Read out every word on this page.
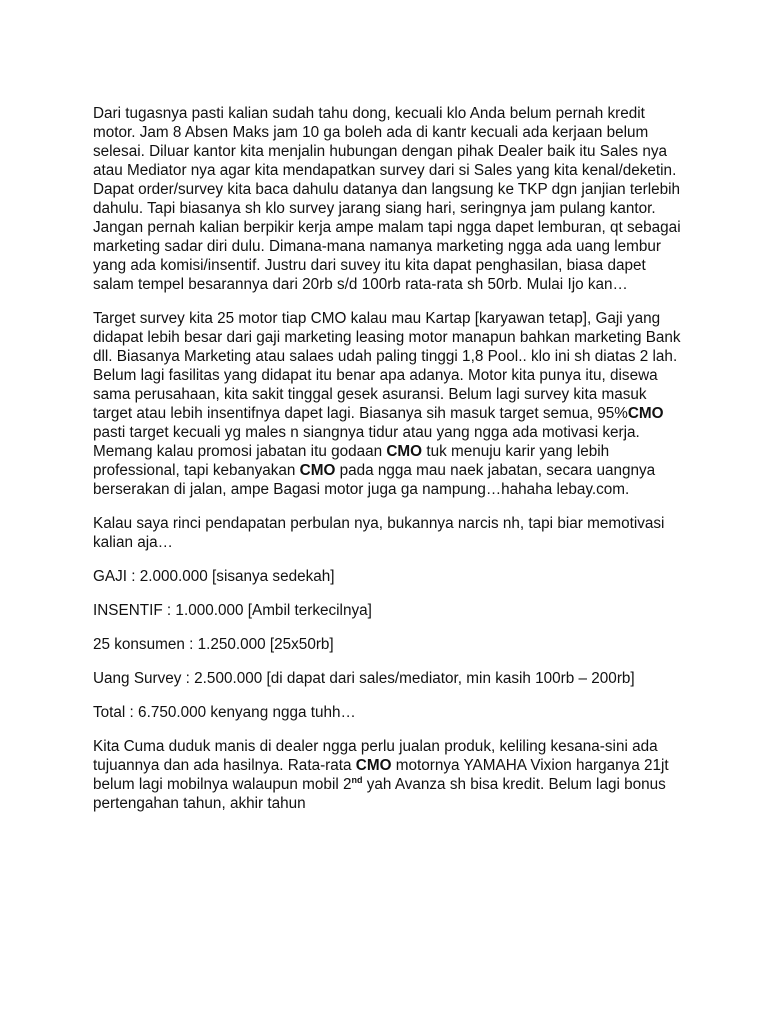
Dari tugasnya pasti kalian sudah tahu dong, kecuali klo Anda belum pernah kredit motor. Jam 8 Absen Maks jam 10 ga boleh ada di kantr kecuali ada kerjaan belum selesai. Diluar kantor kita menjalin hubungan dengan pihak Dealer baik itu Sales nya atau Mediator nya agar kita mendapatkan survey dari si Sales yang kita kenal/deketin. Dapat order/survey kita baca dahulu datanya dan langsung ke TKP dgn janjian terlebih dahulu. Tapi biasanya sh klo survey jarang siang hari, seringnya jam pulang kantor. Jangan pernah kalian berpikir kerja ampe malam tapi ngga dapet lemburan, qt sebagai marketing sadar diri dulu. Dimana-mana namanya marketing ngga ada uang lembur yang ada komisi/insentif. Justru dari suvey itu kita dapat penghasilan, biasa dapet salam tempel besarannya dari 20rb s/d 100rb rata-rata sh 50rb. Mulai Ijo kan…

Target survey kita 25 motor tiap CMO kalau mau Kartap [karyawan tetap], Gaji yang didapat lebih besar dari gaji marketing leasing motor manapun bahkan marketing Bank dll. Biasanya Marketing atau salaes udah paling tinggi 1,8 Pool.. klo ini sh diatas 2 lah. Belum lagi fasilitas yang didapat itu benar apa adanya. Motor kita punya itu, disewa sama perusahaan, kita sakit tinggal gesek asuransi. Belum lagi survey kita masuk target atau lebih insentifnya dapet lagi. Biasanya sih masuk target semua, 95%CMO pasti target kecuali yg males n siangnya tidur atau yang ngga ada motivasi kerja. Memang kalau promosi jabatan itu godaan CMO tuk menuju karir yang lebih professional, tapi kebanyakan CMO pada ngga mau naek jabatan, secara uangnya berserakan di jalan, ampe Bagasi motor juga ga nampung…hahaha lebay.com.

Kalau saya rinci pendapatan perbulan nya, bukannya narcis nh, tapi biar memotivasi kalian aja…

GAJI : 2.000.000 [sisanya sedekah]

INSENTIF : 1.000.000 [Ambil terkecilnya]

25 konsumen : 1.250.000 [25x50rb]

Uang Survey : 2.500.000 [di dapat dari sales/mediator, min kasih 100rb – 200rb]

Total : 6.750.000 kenyang ngga tuhh…

Kita Cuma duduk manis di dealer ngga perlu jualan produk, keliling kesana-sini ada tujuannya dan ada hasilnya. Rata-rata CMO motornya YAMAHA Vixion harganya 21jt belum lagi mobilnya walaupun mobil 2nd yah Avanza sh bisa kredit. Belum lagi bonus pertengahan tahun, akhir tahun
